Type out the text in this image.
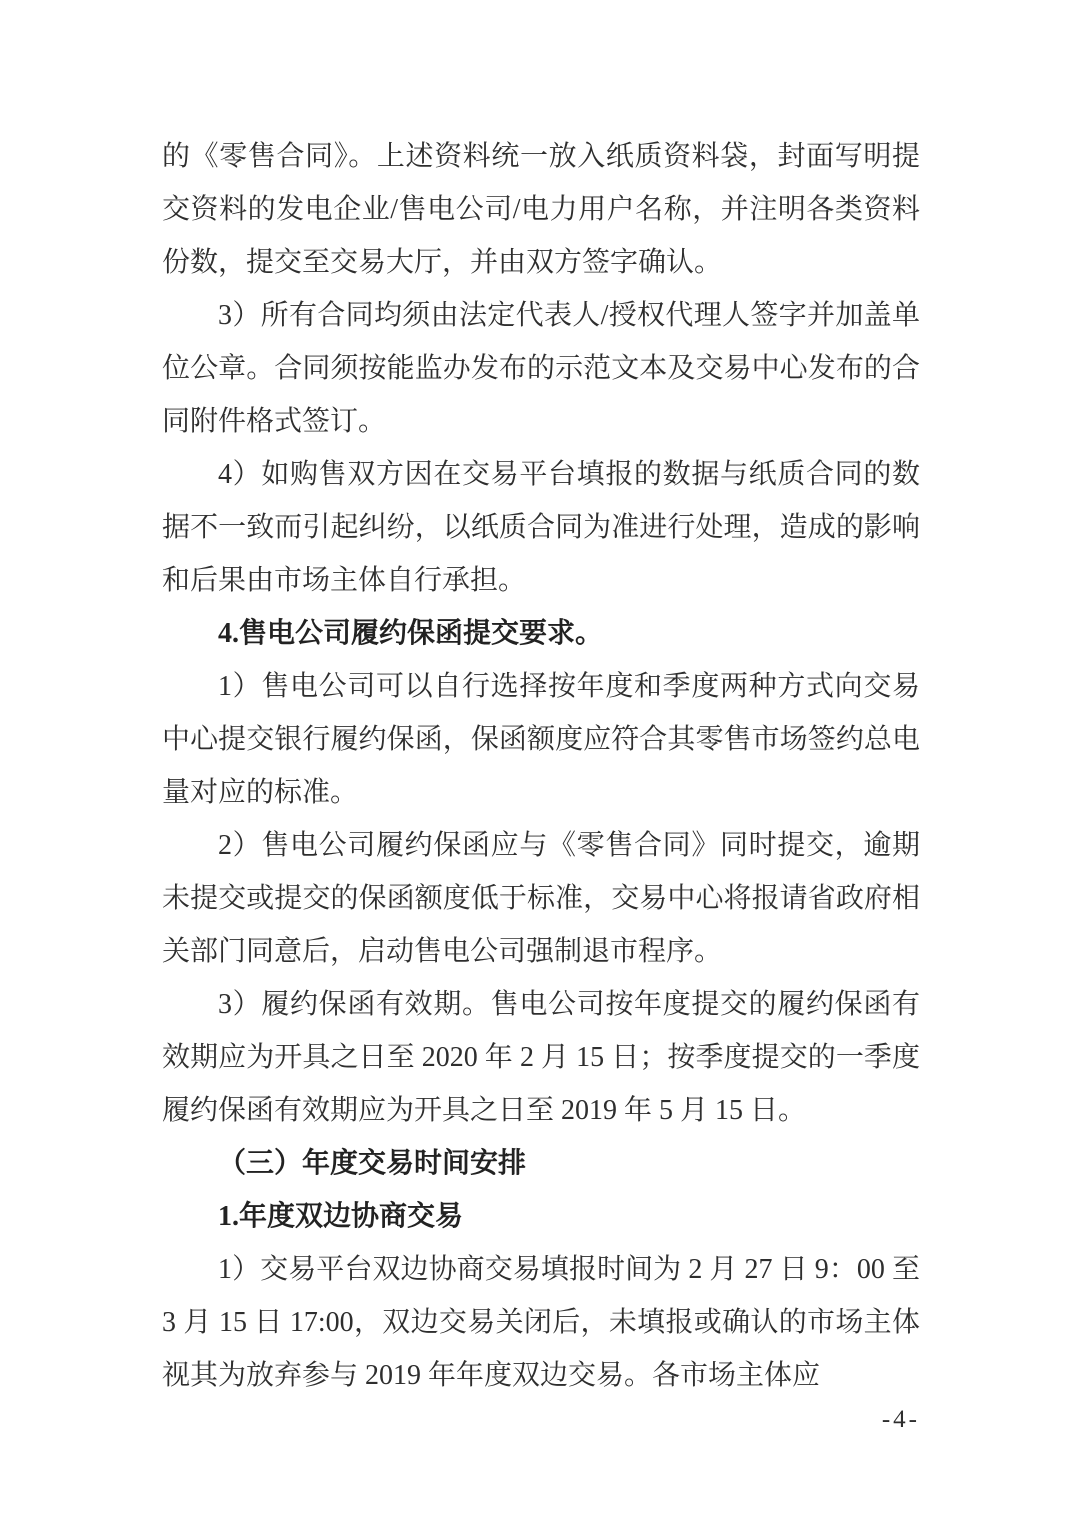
的《零售合同》。上述资料统一放入纸质资料袋，封面写明提交资料的发电企业/售电公司/电力用户名称，并注明各类资料份数，提交至交易大厅，并由双方签字确认。

3）所有合同均须由法定代表人/授权代理人签字并加盖单位公章。合同须按能监办发布的示范文本及交易中心发布的合同附件格式签订。

4）如购售双方因在交易平台填报的数据与纸质合同的数据不一致而引起纠纷，以纸质合同为准进行处理，造成的影响和后果由市场主体自行承担。

4.售电公司履约保函提交要求。

1）售电公司可以自行选择按年度和季度两种方式向交易中心提交银行履约保函，保函额度应符合其零售市场签约总电量对应的标准。

2）售电公司履约保函应与《零售合同》同时提交，逾期未提交或提交的保函额度低于标准，交易中心将报请省政府相关部门同意后，启动售电公司强制退市程序。

3）履约保函有效期。售电公司按年度提交的履约保函有效期应为开具之日至 2020 年 2 月 15 日；按季度提交的一季度履约保函有效期应为开具之日至 2019 年 5 月 15 日。

（三）年度交易时间安排

1.年度双边协商交易

1）交易平台双边协商交易填报时间为 2 月 27 日 9：00 至 3 月 15 日 17:00，双边交易关闭后，未填报或确认的市场主体视其为放弃参与 2019 年年度双边交易。各市场主体应

-4-
